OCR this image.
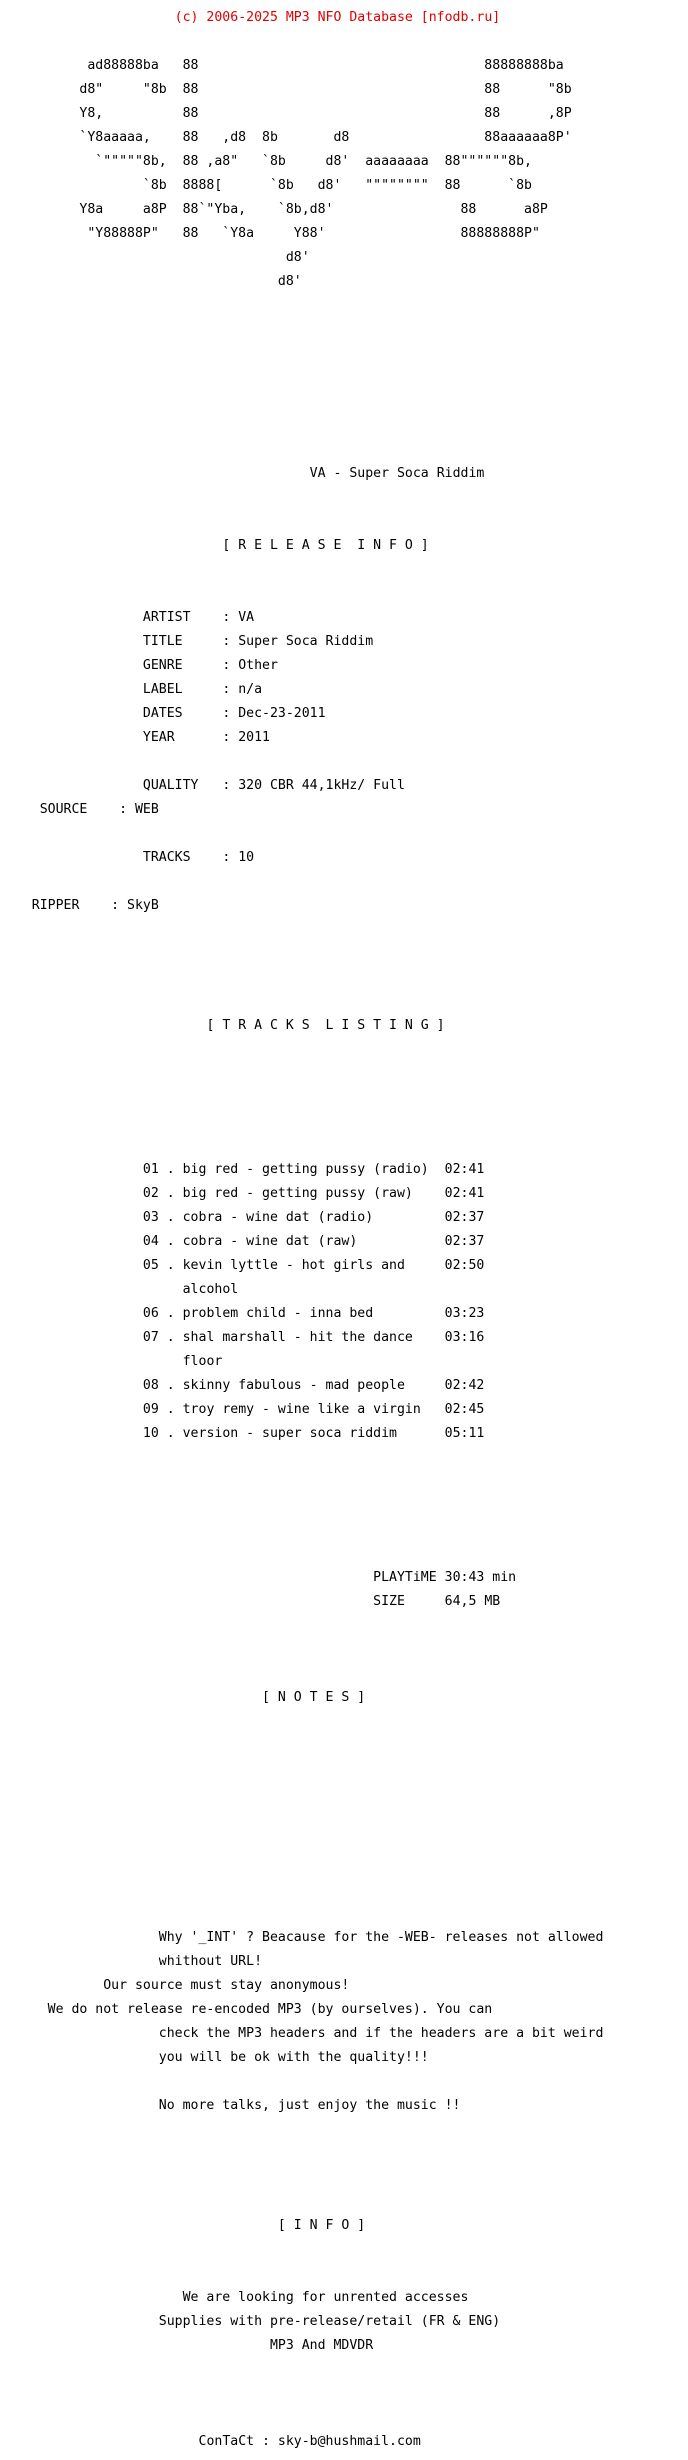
(c) 2006-2025 MP3 NFO Database [nfodb.ru]

ad88888ba   88                                    88888888ba

d8"     "8b  88                                    88      "8b

Y8,          88                                    88      ,8P

`Y8aaaaa,    88   ,d8  8b       d8                 88aaaaaa8P'

`"""""8b,  88 ,a8"   `8b     d8'  aaaaaaaa  88""""""8b,

`8b  8888[      `8b   d8'   """"""""  88      `8b

Y8a     a8P  88`"Yba,    `8b,d8'                88      a8P

"Y88888P"   88   `Y8a     Y88'                 88888888P"

d8'

d8'

VA - Super Soca Riddim

[ R E L E A S E  I N F O ]

ARTIST    : VA

TITLE     : Super Soca Riddim

GENRE     : Other

LABEL     : n/a

DATES     : Dec-23-2011

YEAR      : 2011

QUALITY   : 320 CBR 44,1kHz/ Full

SOURCE    : WEB

TRACKS    : 10

RIPPER    : SkyB

[ T R A C K S  L I S T I N G ]

01 . big red - getting pussy (radio)  02:41

02 . big red - getting pussy (raw)    02:41

03 . cobra - wine dat (radio)         02:37

04 . cobra - wine dat (raw)           02:37

05 . kevin lyttle - hot girls and     02:50

alcohol

06 . problem child - inna bed         03:23

07 . shal marshall - hit the dance    03:16

floor

08 . skinny fabulous - mad people     02:42

09 . troy remy - wine like a virgin   02:45

10 . version - super soca riddim      05:11

PLAYTiME 30:43 min

SIZE     64,5 MB

[ N O T E S ]

Why '_INT' ? Beacause for the -WEB- releases not allowed

whithout URL!

Our source must stay anonymous!

We do not release re-encoded MP3 (by ourselves). You can

check the MP3 headers and if the headers are a bit weird

you will be ok with the quality!!!

No more talks, just enjoy the music !!

[ I N F O ]

We are looking for unrented accesses

Supplies with pre-release/retail (FR & ENG)

MP3 And MDVDR

ConTaCt : sky-b@hushmail.com
